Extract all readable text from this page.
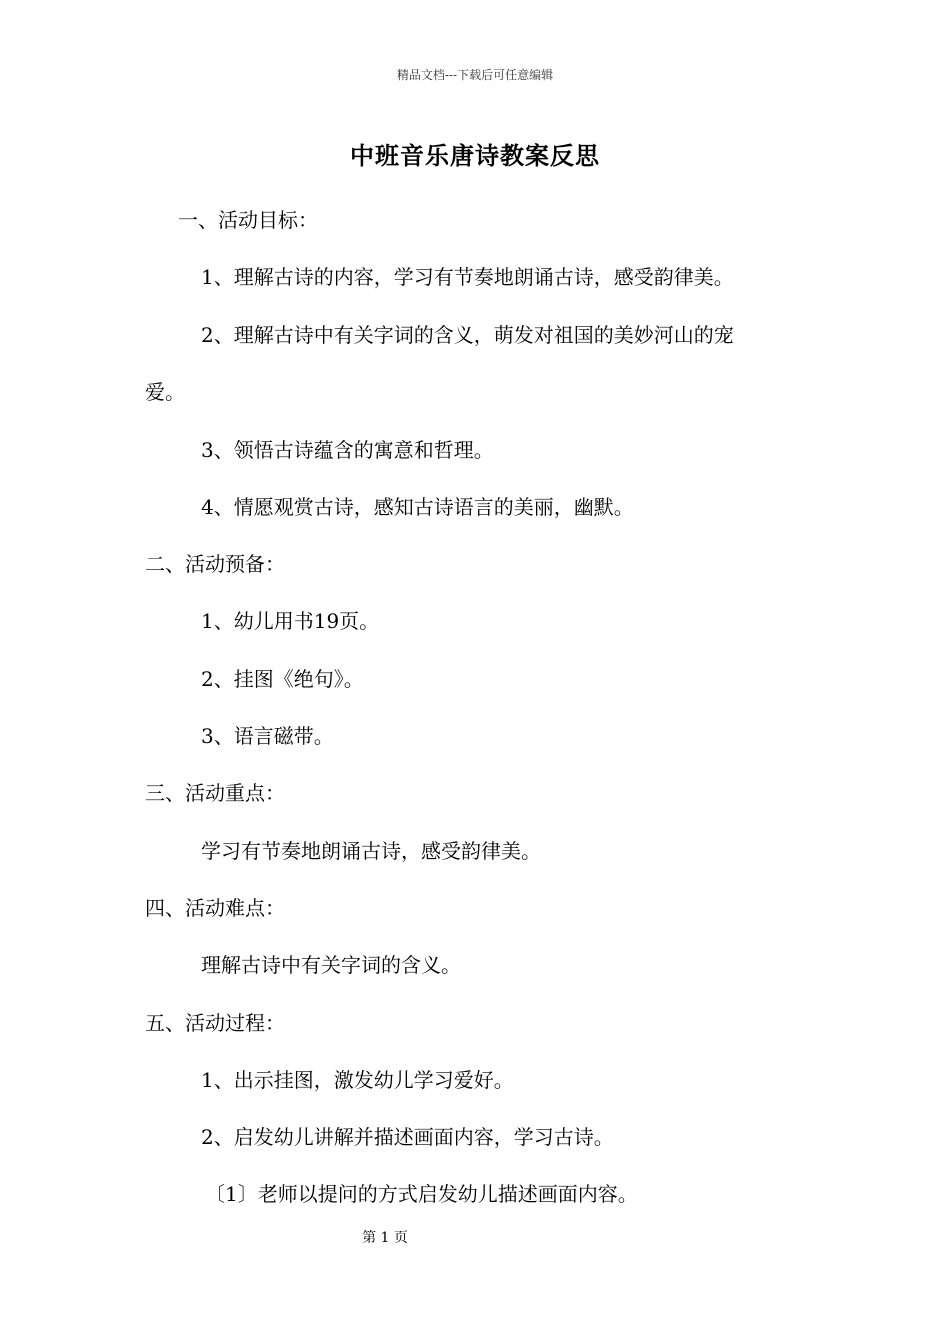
精品文档---下载后可任意编辑
中班音乐唐诗教案反思
一、活动目标：
1、理解古诗的内容，学习有节奏地朗诵古诗，感受韵律美。
2、理解古诗中有关字词的含义，萌发对祖国的美妙河山的宠
爱。
3、领悟古诗蕴含的寓意和哲理。
4、情愿观赏古诗，感知古诗语言的美丽，幽默。
二、活动预备：
1、幼儿用书19页。
2、挂图《绝句》。
3、语言磁带。
三、活动重点：
学习有节奏地朗诵古诗，感受韵律美。
四、活动难点：
理解古诗中有关字词的含义。
五、活动过程：
1、出示挂图，激发幼儿学习爱好。
2、启发幼儿讲解并描述画面内容，学习古诗。
〔1〕老师以提问的方式启发幼儿描述画面内容。
第 1 页
